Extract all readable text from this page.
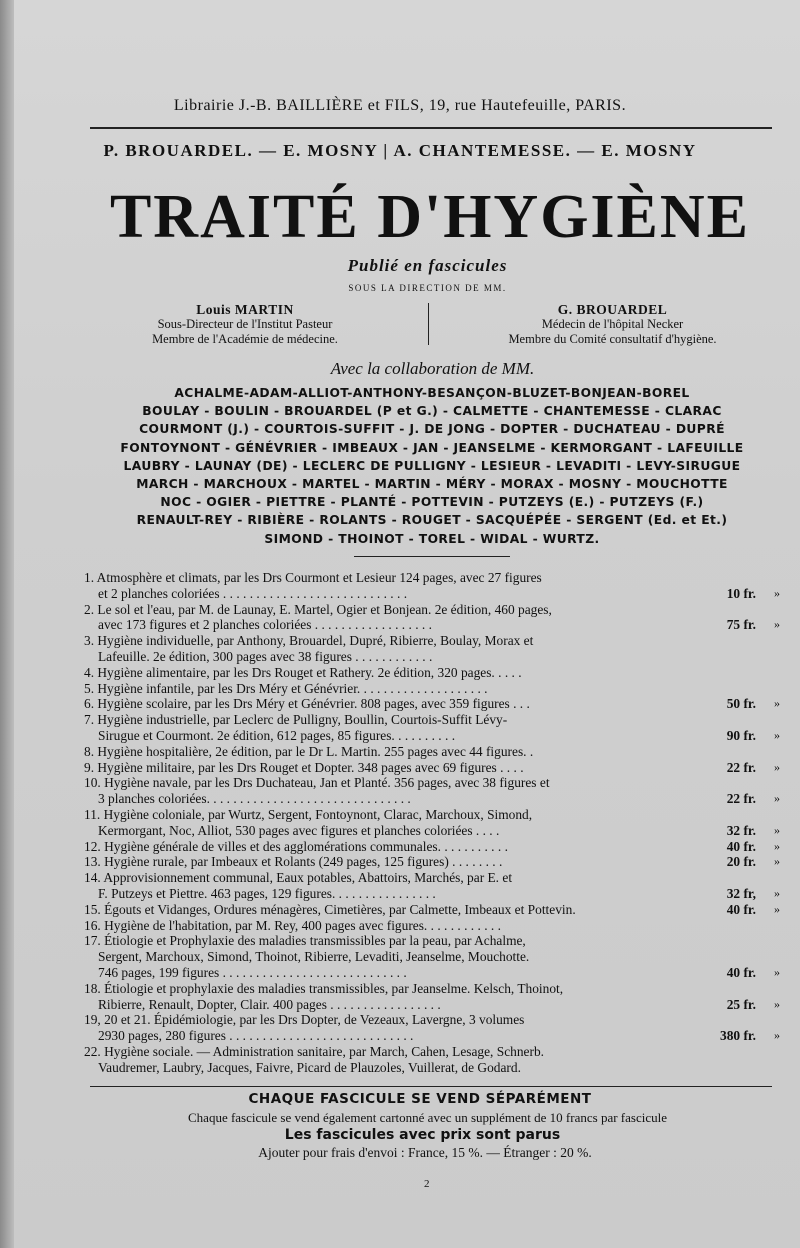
Librairie J.-B. BAILLIÈRE et FILS, 19, rue Hautefeuille, PARIS.
P. BROUARDEL. — E. MOSNY | A. CHANTEMESSE. — E. MOSNY
TRAITÉ D'HYGIÈNE
Publié en fascicules
SOUS LA DIRECTION DE MM.
Louis MARTIN
Sous-Directeur de l'Institut Pasteur
Membre de l'Académie de médecine.
G. BROUARDEL
Médecin de l'hôpital Necker
Membre du Comité consultatif d'hygiène.
Avec la collaboration de MM.
ACHALME-ADAM-ALLIOT-ANTHONY-BESANÇON-BLUZET-BONJEAN-BOREL
BOULAY - BOULIN - BROUARDEL (P et G.) - CALMETTE - CHANTEMESSE - CLARAC
COURMONT (J.) - COURTOIS-SUFFIT - J. DE JONG - DOPTER - DUCHATEAU - DUPRÉ
FONTOYNONT - GÉNÉVRIER - IMBEAUX - JAN - JEANSELME - KERMORGANT - LAFEUILLE
LAUBRY - LAUNAY (DE) - LECLERC DE PULLIGNY - LESIEUR - LEVADITI - LEVY-SIRUGUE
MARCH - MARCHOUX - MARTEL - MARTIN - MÉRY - MORAX - MOSNY - MOUCHOTTE
NOC - OGIER - PIETTRE - PLANTÉ - POTTEVIN - PUTZEYS (E.) - PUTZEYS (F.)
RENAULT-REY - RIBIÈRE - ROLANTS - ROUGET - SACQUÉPÉE - SERGENT (Ed. et Et.)
SIMOND - THOINOT - TOREL - WIDAL - WURTZ.
1. Atmosphère et climats, par les Drs Courmont et Lesieur 124 pages, avec 27 figures
et 2 planches coloriées . . . . . . . . . . . . . . . . . . . . . . . . . . . .	10 fr. »
2. Le sol et l'eau, par M. de Launay, E. Martel, Ogier et Bonjean. 2e édition, 460 pages,
avec 173 figures et 2 planches coloriées . . . . . . . . . . . . . . . . . .	75 fr. »
3. Hygiène individuelle, par Anthony, Brouardel, Dupré, Ribierre, Boulay, Morax et
Lafeuille. 2e édition, 300 pages avec 38 figures . . . . . . . . . . . .
4. Hygiène alimentaire, par les Drs Rouget et Rathery. 2e édition, 320 pages. . . . .
5. Hygiène infantile, par les Drs Méry et Génévrier. . . . . . . . . . . . . . . . . . . .
6. Hygiène scolaire, par les Drs Méry et Génévrier. 808 pages, avec 359 figures . . .	50 fr. »
7. Hygiène industrielle, par Leclerc de Pulligny, Boullin, Courtois-Suffit Lévy-
Sirugue et Courmont. 2e édition, 612 pages, 85 figures. . . . . . . . . .	90 fr. »
8. Hygiène hospitalière, 2e édition, par le Dr L. Martin. 255 pages avec 44 figures. .
9. Hygiène militaire, par les Drs Rouget et Dopter. 348 pages avec 69 figures . . . .	22 fr. »
10. Hygiène navale, par les Drs Duchateau, Jan et Planté. 356 pages, avec 38 figures et
3 planches coloriées. . . . . . . . . . . . . . . . . . . . . . . . . . . . . . .	22 fr. »
11. Hygiène coloniale, par Wurtz, Sergent, Fontoynont, Clarac, Marchoux, Simond,
Kermorgant, Noc, Alliot, 530 pages avec figures et planches coloriées . . . .	32 fr. »
12. Hygiène générale de villes et des agglomérations communales. . . . . . . . . . .	40 fr. »
13. Hygiène rurale, par Imbeaux et Rolants (249 pages, 125 figures) . . . . . . . .	20 fr. »
14. Approvisionnement communal, Eaux potables, Abattoirs, Marchés, par E. et
F. Putzeys et Piettre. 463 pages, 129 figures. . . . . . . . . . . . . . . .	32 fr, »
15. Égouts et Vidanges, Ordures ménagères, Cimetières, par Calmette, Imbeaux et Pottevin.	40 fr. »
16. Hygiène de l'habitation, par M. Rey, 400 pages avec figures. . . . . . . . . . . .
17. Étiologie et Prophylaxie des maladies transmissibles par la peau, par Achalme,
Sergent, Marchoux, Simond, Thoinot, Ribierre, Levaditi, Jeanselme, Mouchotte.
746 pages, 199 figures . . . . . . . . . . . . . . . . . . . . . . . . . . . .	40 fr. »
18. Étiologie et prophylaxie des maladies transmissibles, par Jeanselme. Kelsch, Thoinot,
Ribierre, Renault, Dopter, Clair. 400 pages . . . . . . . . . . . . . . . . .	25 fr. »
19, 20 et 21. Épidémiologie, par les Drs Dopter, de Vezeaux, Lavergne, 3 volumes
2930 pages, 280 figures . . . . . . . . . . . . . . . . . . . . . . . . . . . .	380 fr. »
22. Hygiène sociale. — Administration sanitaire, par March, Cahen, Lesage, Schnerb.
Vaudremer, Laubry, Jacques, Faivre, Picard de Plauzoles, Vuillerat, de Godard.
CHAQUE FASCICULE SE VEND SÉPARÉMENT
Chaque fascicule se vend également cartonné avec un supplément de 10 francs par fascicule
Les fascicules avec prix sont parus
Ajouter pour frais d'envoi : France, 15 %. — Étranger : 20 %.
2
